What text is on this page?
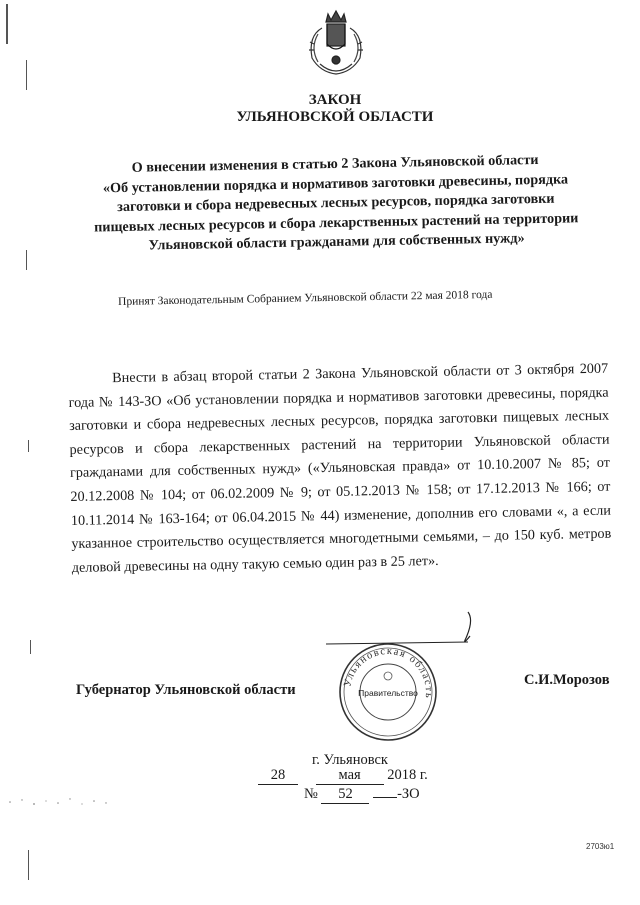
ЗАКОН
УЛЬЯНОВСКОЙ ОБЛАСТИ
О внесении изменения в статью 2 Закона Ульяновской области
«Об установлении порядка и нормативов заготовки древесины, порядка
заготовки и сбора недревесных лесных ресурсов, порядка заготовки
пищевых лесных ресурсов и сбора лекарственных растений на территории
Ульяновской области гражданами для собственных нужд»
Принят Законодательным Собранием Ульяновской области 22 мая 2018 года
Внести в абзац второй статьи 2 Закона Ульяновской области от 3 октября 2007 года № 143-ЗО «Об установлении порядка и нормативов заготовки древесины, порядка заготовки и сбора недревесных лесных ресурсов, порядка заготовки пищевых лесных ресурсов и сбора лекарственных растений на территории Ульяновской области гражданами для собственных нужд» («Ульяновская правда» от 10.10.2007 № 85; от 20.12.2008 № 104; от 06.02.2009 № 9; от 05.12.2013 № 158; от 17.12.2013 № 166; от 10.11.2014 № 163-164; от 06.04.2015 № 44) изменение, дополнив его словами «, а если указанное строительство осуществляется многодетными семьями, – до 150 куб. метров деловой древесины на одну такую семью один раз в 25 лет».
Ульяновская область
Правительство
Губернатор Ульяновской области
С.И.Морозов
г. Ульяновск
28	мая 2018 г.
№ 52	-ЗО
2703ю1
